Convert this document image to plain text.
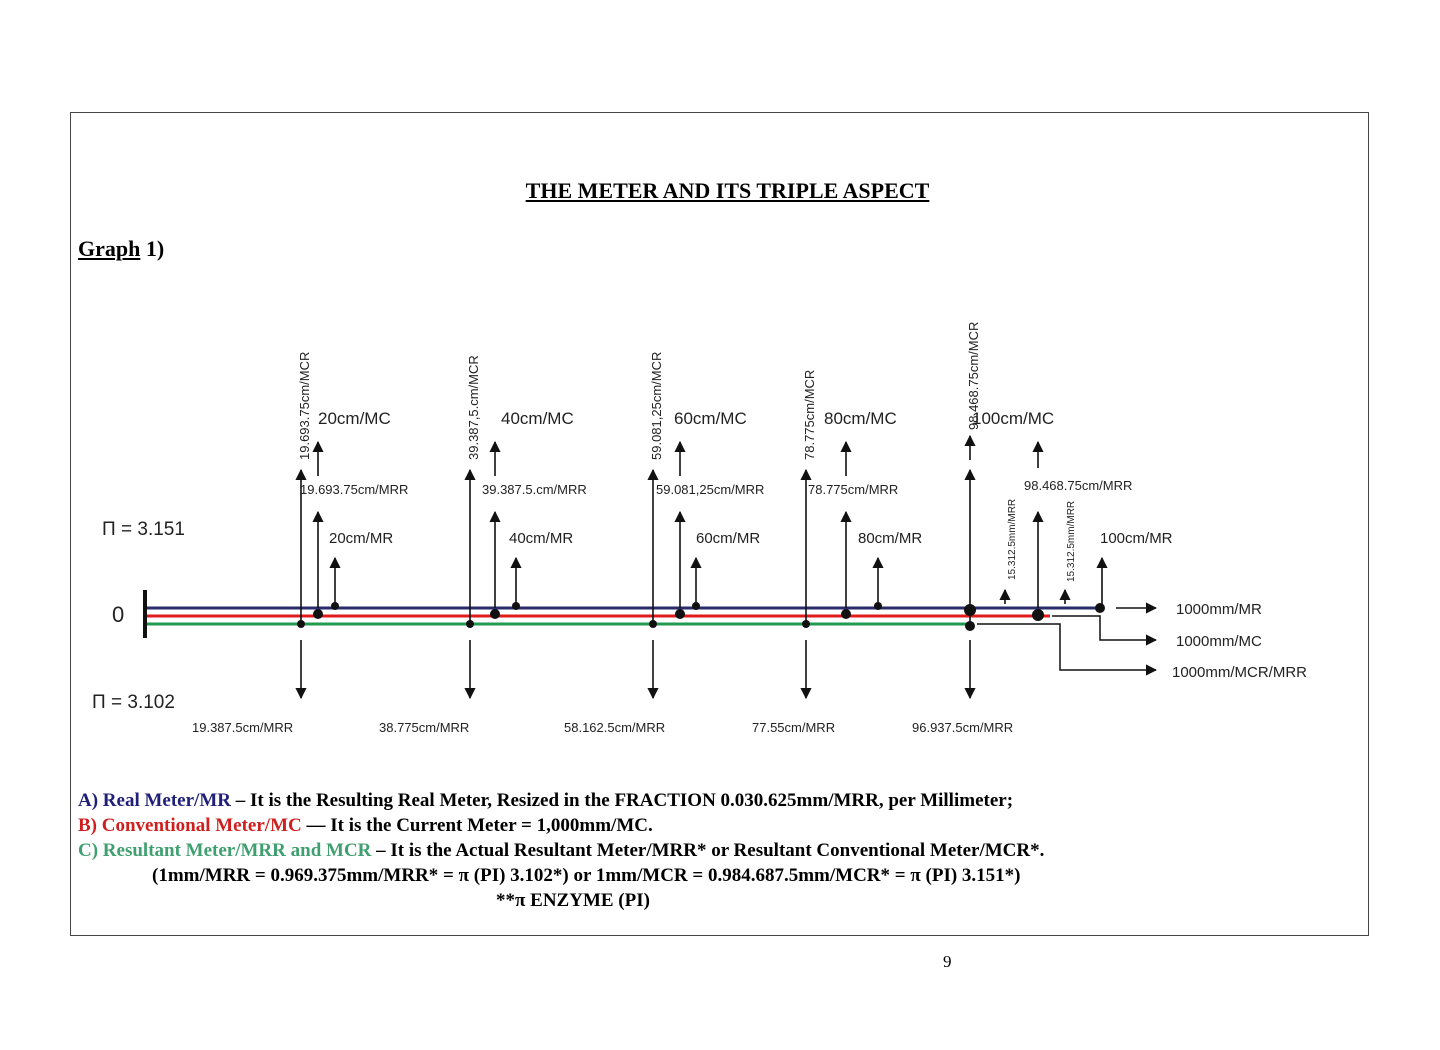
THE METER AND ITS TRIPLE ASPECT
Graph 1)
0
Π = 3.151
Π = 3.102
19.693.75cm/MCR
19.387.5cm/MRR
20cm/MC
19.693.75cm/MRR
20cm/MR
39.387,5.cm/MCR
38.775cm/MRR
40cm/MC
39.387.5.cm/MRR
40cm/MR
59.081,25cm/MCR
58.162.5cm/MRR
60cm/MC
59.081,25cm/MRR
60cm/MR
78.775cm/MCR
77.55cm/MRR
80cm/MC
78.775cm/MRR
80cm/MR
98.468.75cm/MCR
96.937.5cm/MRR
100cm/MC
98.468.75cm/MRR
15.312.5mm/MRR	15.312.5mm/MRR 100cm/MR
1000mm/MR
1000mm/MC
1000mm/MCR/MRR
A) Real Meter/MR – It is the Resulting Real Meter, Resized in the FRACTION 0.030.625mm/MRR, per Millimeter;
B) Conventional Meter/MC — It is the Current Meter = 1,000mm/MC.
C) Resultant Meter/MRR and MCR – It is the Actual Resultant Meter/MRR* or Resultant Conventional Meter/MCR*.
(1mm/MRR = 0.969.375mm/MRR* = π (PI) 3.102*) or 1mm/MCR = 0.984.687.5mm/MCR* = π (PI) 3.151*)
**π ENZYME (PI)
9
